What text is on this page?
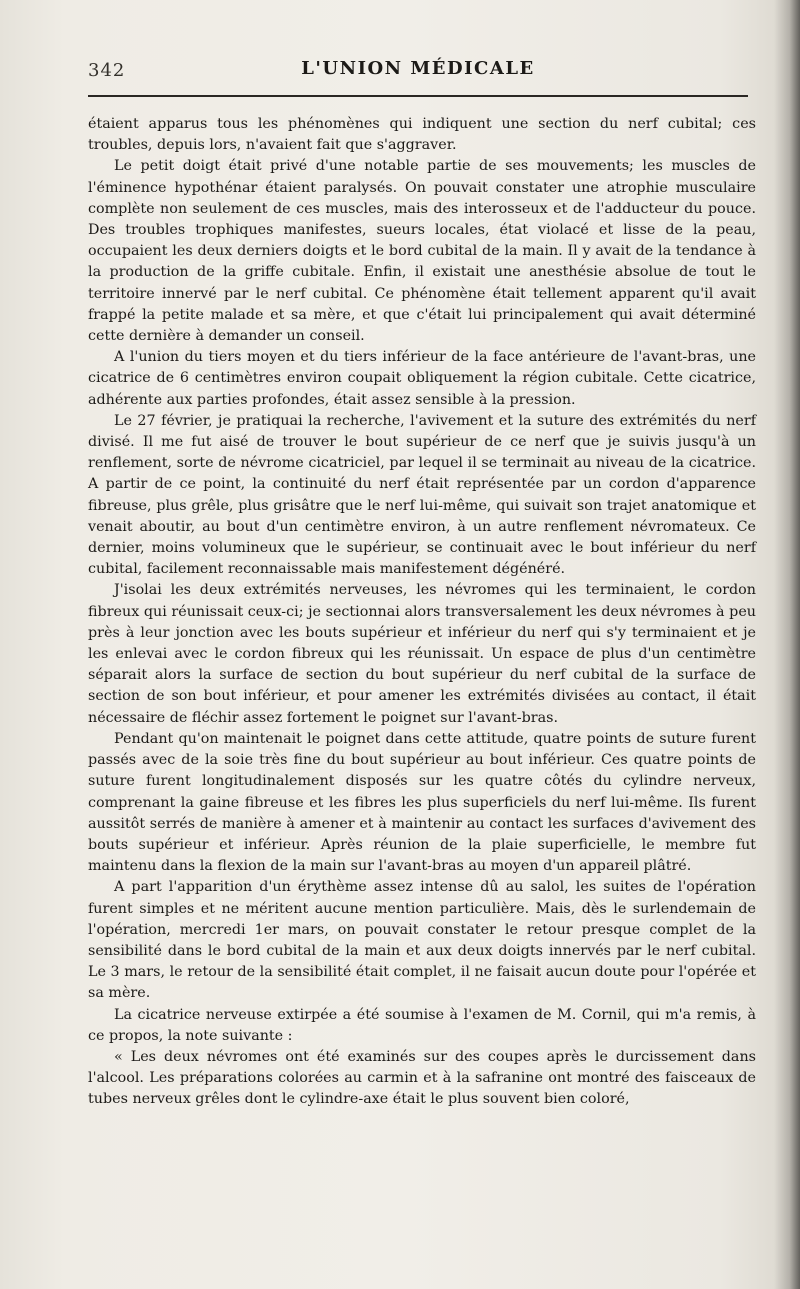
342	L'UNION MÉDICALE

étaient apparus tous les phénomènes qui indiquent une section du nerf cubital; ces troubles, depuis lors, n'avaient fait que s'aggraver.

Le petit doigt était privé d'une notable partie de ses mouvements; les muscles de l'éminence hypothénar étaient paralysés. On pouvait constater une atrophie musculaire complète non seulement de ces muscles, mais des interosseux et de l'adducteur du pouce. Des troubles trophiques manifestes, sueurs locales, état violacé et lisse de la peau, occupaient les deux derniers doigts et le bord cubital de la main. Il y avait de la tendance à la production de la griffe cubitale. Enfin, il existait une anesthésie absolue de tout le territoire innervé par le nerf cubital. Ce phénomène était tellement apparent qu'il avait frappé la petite malade et sa mère, et que c'était lui principalement qui avait déterminé cette dernière à demander un conseil.

A l'union du tiers moyen et du tiers inférieur de la face antérieure de l'avant-bras, une cicatrice de 6 centimètres environ coupait obliquement la région cubitale. Cette cicatrice, adhérente aux parties profondes, était assez sensible à la pression.

Le 27 février, je pratiquai la recherche, l'avivement et la suture des extrémités du nerf divisé. Il me fut aisé de trouver le bout supérieur de ce nerf que je suivis jusqu'à un renflement, sorte de névrome cicatriciel, par lequel il se terminait au niveau de la cicatrice. A partir de ce point, la continuité du nerf était représentée par un cordon d'apparence fibreuse, plus grêle, plus grisâtre que le nerf lui-même, qui suivait son trajet anatomique et venait aboutir, au bout d'un centimètre environ, à un autre renflement névromateux. Ce dernier, moins volumineux que le supérieur, se continuait avec le bout inférieur du nerf cubital, facilement reconnaissable mais manifestement dégénéré.

J'isolai les deux extrémités nerveuses, les névromes qui les terminaient, le cordon fibreux qui réunissait ceux-ci; je sectionnai alors transversalement les deux névromes à peu près à leur jonction avec les bouts supérieur et inférieur du nerf qui s'y terminaient et je les enlevai avec le cordon fibreux qui les réunissait. Un espace de plus d'un centimètre séparait alors la surface de section du bout supérieur du nerf cubital de la surface de section de son bout inférieur, et pour amener les extrémités divisées au contact, il était nécessaire de fléchir assez fortement le poignet sur l'avant-bras.

Pendant qu'on maintenait le poignet dans cette attitude, quatre points de suture furent passés avec de la soie très fine du bout supérieur au bout inférieur. Ces quatre points de suture furent longitudinalement disposés sur les quatre côtés du cylindre nerveux, comprenant la gaine fibreuse et les fibres les plus superficiels du nerf lui-même. Ils furent aussitôt serrés de manière à amener et à maintenir au contact les surfaces d'avivement des bouts supérieur et inférieur. Après réunion de la plaie superficielle, le membre fut maintenu dans la flexion de la main sur l'avant-bras au moyen d'un appareil plâtré.

A part l'apparition d'un érythème assez intense dû au salol, les suites de l'opération furent simples et ne méritent aucune mention particulière. Mais, dès le surlendemain de l'opération, mercredi 1er mars, on pouvait constater le retour presque complet de la sensibilité dans le bord cubital de la main et aux deux doigts innervés par le nerf cubital. Le 3 mars, le retour de la sensibilité était complet, il ne faisait aucun doute pour l'opérée et sa mère.

La cicatrice nerveuse extirpée a été soumise à l'examen de M. Cornil, qui m'a remis, à ce propos, la note suivante :

« Les deux névromes ont été examinés sur des coupes après le durcissement dans l'alcool. Les préparations colorées au carmin et à la safranine ont montré des faisceaux de tubes nerveux grêles dont le cylindre-axe était le plus souvent bien coloré,
